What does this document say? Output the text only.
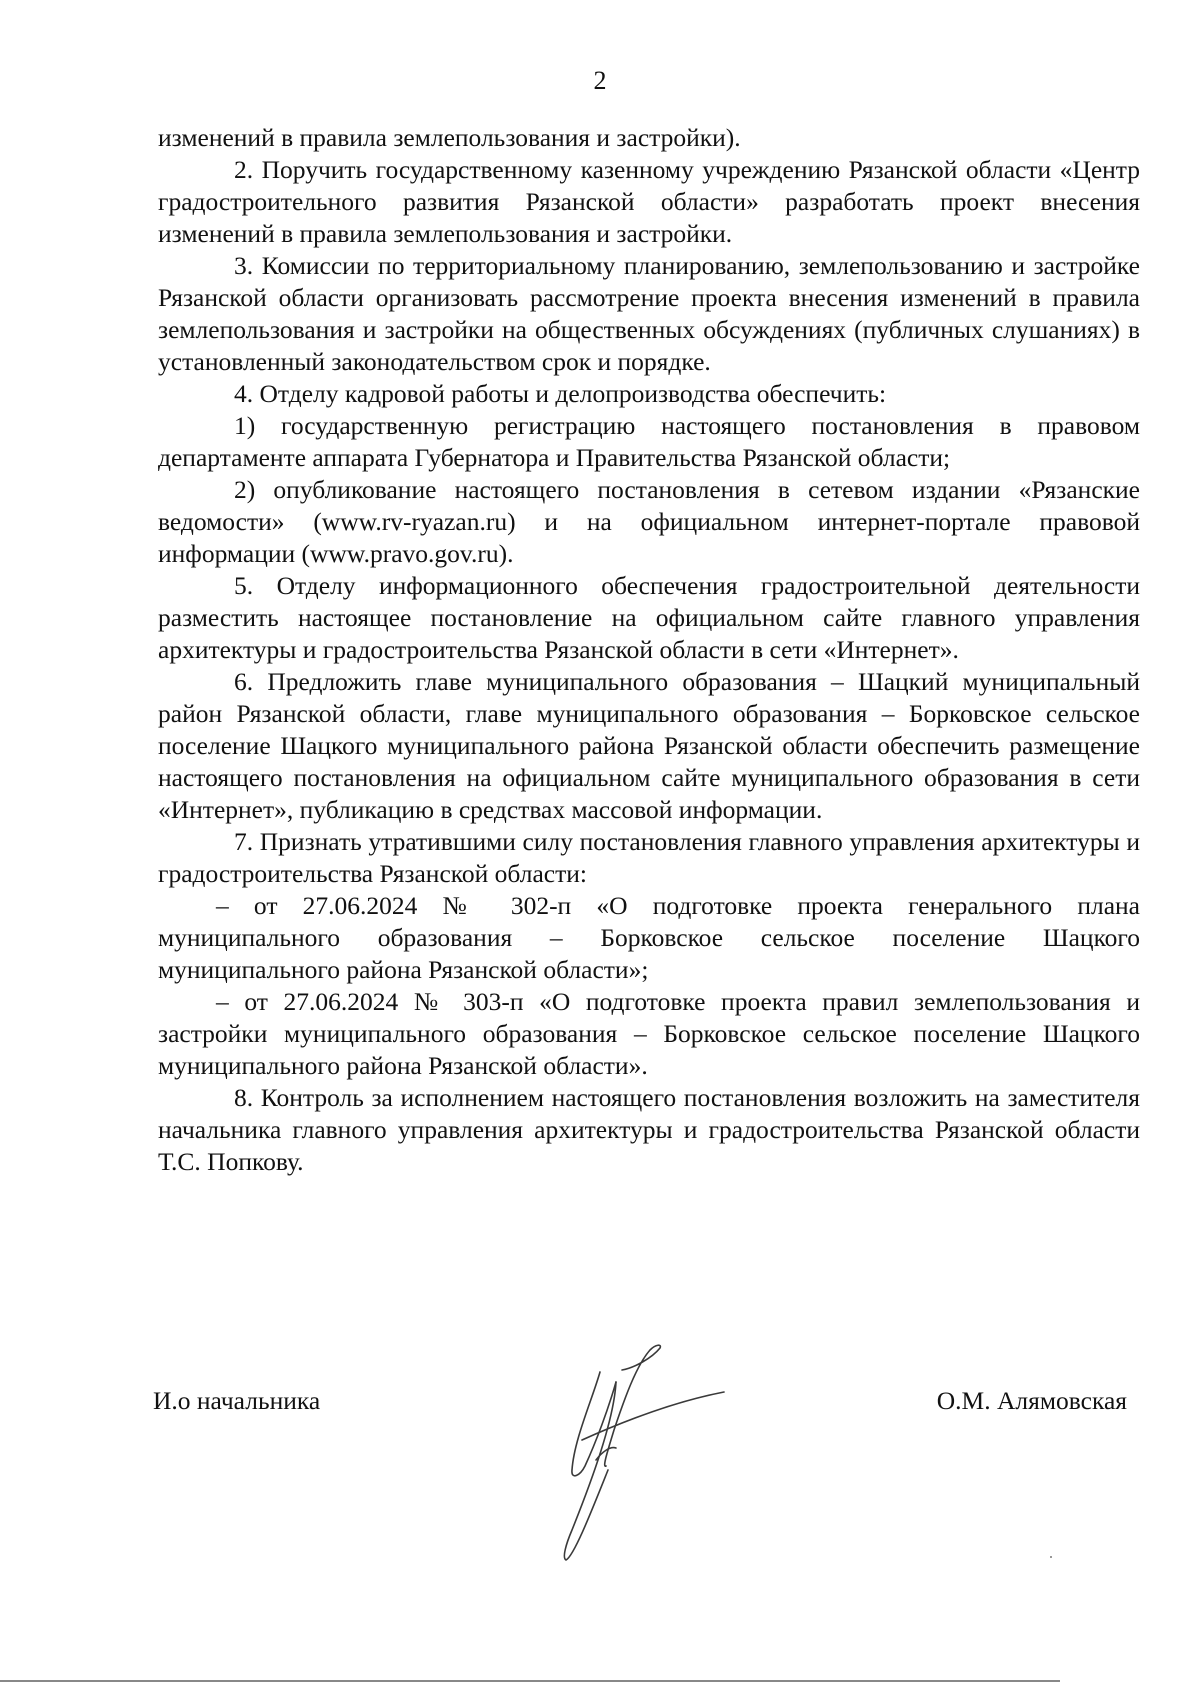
2

изменений в правила землепользования и застройки).

2. Поручить государственному казенному учреждению Рязанской области «Центр градостроительного развития Рязанской области» разработать проект внесения изменений в правила землепользования и застройки.

3. Комиссии по территориальному планированию, землепользованию и застройке Рязанской области организовать рассмотрение проекта внесения изменений в правила землепользования и застройки на общественных обсуждениях (публичных слушаниях) в установленный законодательством срок и порядке.

4. Отделу кадровой работы и делопроизводства обеспечить:

1) государственную регистрацию настоящего постановления в правовом департаменте аппарата Губернатора и Правительства Рязанской области;

2) опубликование настоящего постановления в сетевом издании «Рязанские ведомости» (www.rv-ryazan.ru) и на официальном интернет-портале правовой информации (www.pravo.gov.ru).

5. Отделу информационного обеспечения градостроительной деятельности разместить настоящее постановление на официальном сайте главного управления архитектуры и градостроительства Рязанской области в сети «Интернет».

6. Предложить главе муниципального образования – Шацкий муниципальный район Рязанской области, главе муниципального образования – Борковское сельское поселение Шацкого муниципального района Рязанской области обеспечить размещение настоящего постановления на официальном сайте муниципального образования в сети «Интернет», публикацию в средствах массовой информации.

7. Признать утратившими силу постановления главного управления архитектуры и градостроительства Рязанской области:

– от 27.06.2024 № 302-п «О подготовке проекта генерального плана муниципального образования – Борковское сельское поселение Шацкого муниципального района Рязанской области»;

– от 27.06.2024 № 303-п «О подготовке проекта правил землепользования и застройки муниципального образования – Борковское сельское поселение Шацкого муниципального района Рязанской области».

8. Контроль за исполнением настоящего постановления возложить на заместителя начальника главного управления архитектуры и градостроительства Рязанской области Т.С. Попкову.

И.о начальника	О.М. Алямовская
